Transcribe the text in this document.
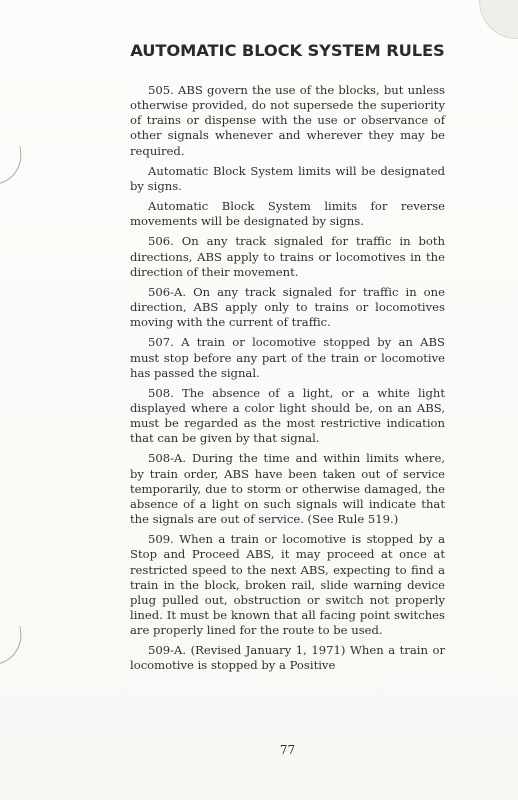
AUTOMATIC BLOCK SYSTEM RULES

505. ABS govern the use of the blocks, but unless otherwise provided, do not supersede the superiority of trains or dispense with the use or observance of other signals whenever and wherever they may be required.

Automatic Block System limits will be designated by signs.

Automatic Block System limits for reverse movements will be designated by signs.

506. On any track signaled for traffic in both directions, ABS apply to trains or locomotives in the direction of their movement.

506-A. On any track signaled for traffic in one direction, ABS apply only to trains or locomotives moving with the current of traffic.

507. A train or locomotive stopped by an ABS must stop before any part of the train or locomotive has passed the signal.

508. The absence of a light, or a white light displayed where a color light should be, on an ABS, must be regarded as the most restrictive indication that can be given by that signal.

508-A. During the time and within limits where, by train order, ABS have been taken out of service temporarily, due to storm or otherwise damaged, the absence of a light on such signals will indicate that the signals are out of service. (See Rule 519.)

509. When a train or locomotive is stopped by a Stop and Proceed ABS, it may proceed at once at restricted speed to the next ABS, expecting to find a train in the block, broken rail, slide warning device plug pulled out, obstruction or switch not properly lined. It must be known that all facing point switches are properly lined for the route to be used.

509-A. (Revised January 1, 1971) When a train or locomotive is stopped by a Positive

77
